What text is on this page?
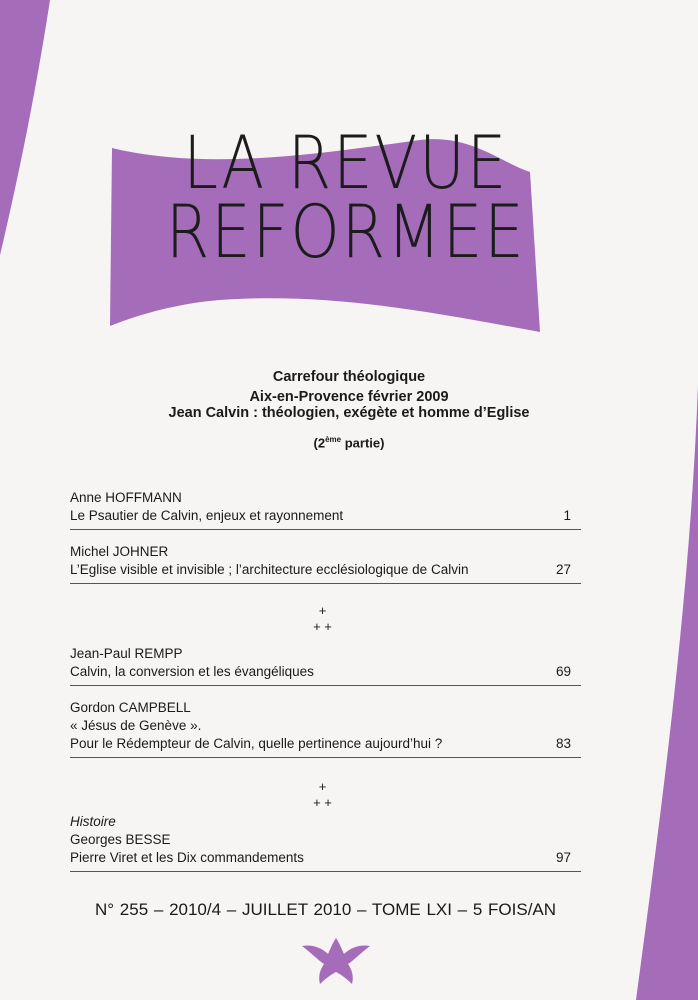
LA REVUE
REFORMEE
Carrefour théologique
Aix-en-Provence février 2009
Jean Calvin : théologien, exégète et homme d’Eglise
(2ème partie)
Anne HOFFMANN
Le Psautier de Calvin, enjeux et rayonnement	1
Michel JOHNER
L’Eglise visible et invisible ; l’architecture ecclésiologique de Calvin	27
+
+ +
Jean-Paul REMPP
Calvin, la conversion et les évangéliques	69
Gordon CAMPBELL
« Jésus de Genève ».
Pour le Rédempteur de Calvin, quelle pertinence aujourd’hui ?	83
+
+ +
Histoire
Georges BESSE
Pierre Viret et les Dix commandements	97
N° 255 – 2010/4 – JUILLET 2010 – TOME LXI – 5 FOIS/AN
